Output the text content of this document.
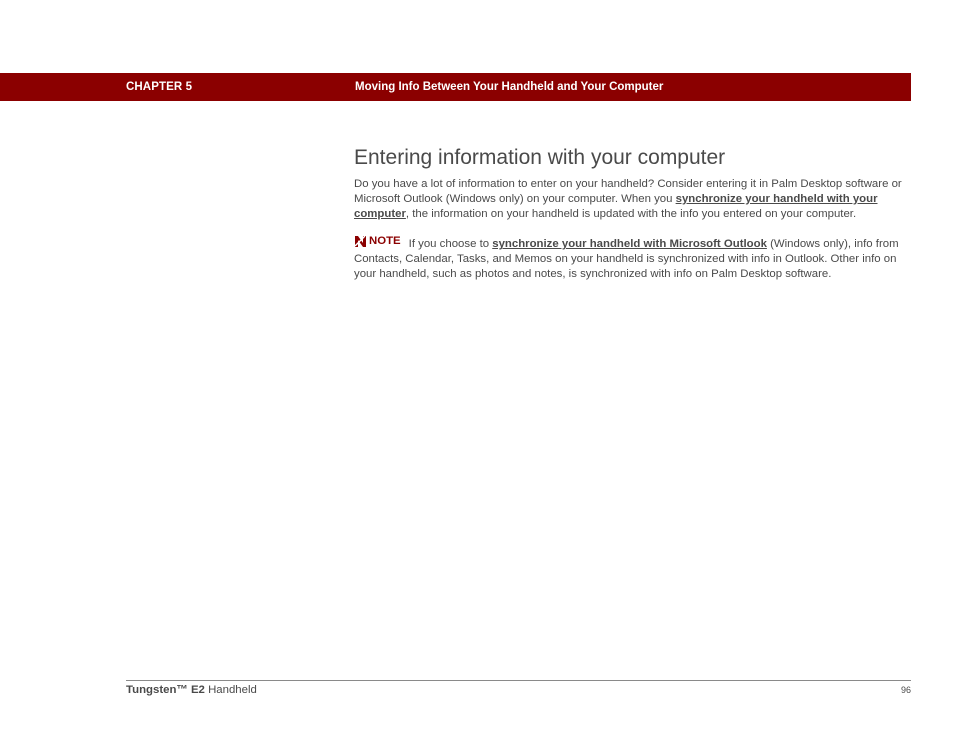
CHAPTER 5	Moving Info Between Your Handheld and Your Computer
Entering information with your computer

Do you have a lot of information to enter on your handheld? Consider entering it in Palm Desktop software or Microsoft Outlook (Windows only) on your computer. When you synchronize your handheld with your computer, the information on your handheld is updated with the info you entered on your computer.

NOTE If you choose to synchronize your handheld with Microsoft Outlook (Windows only), info from Contacts, Calendar, Tasks, and Memos on your handheld is synchronized with info in Outlook. Other info on your handheld, such as photos and notes, is synchronized with info on Palm Desktop software.

Tungsten™ E2 Handheld	96
